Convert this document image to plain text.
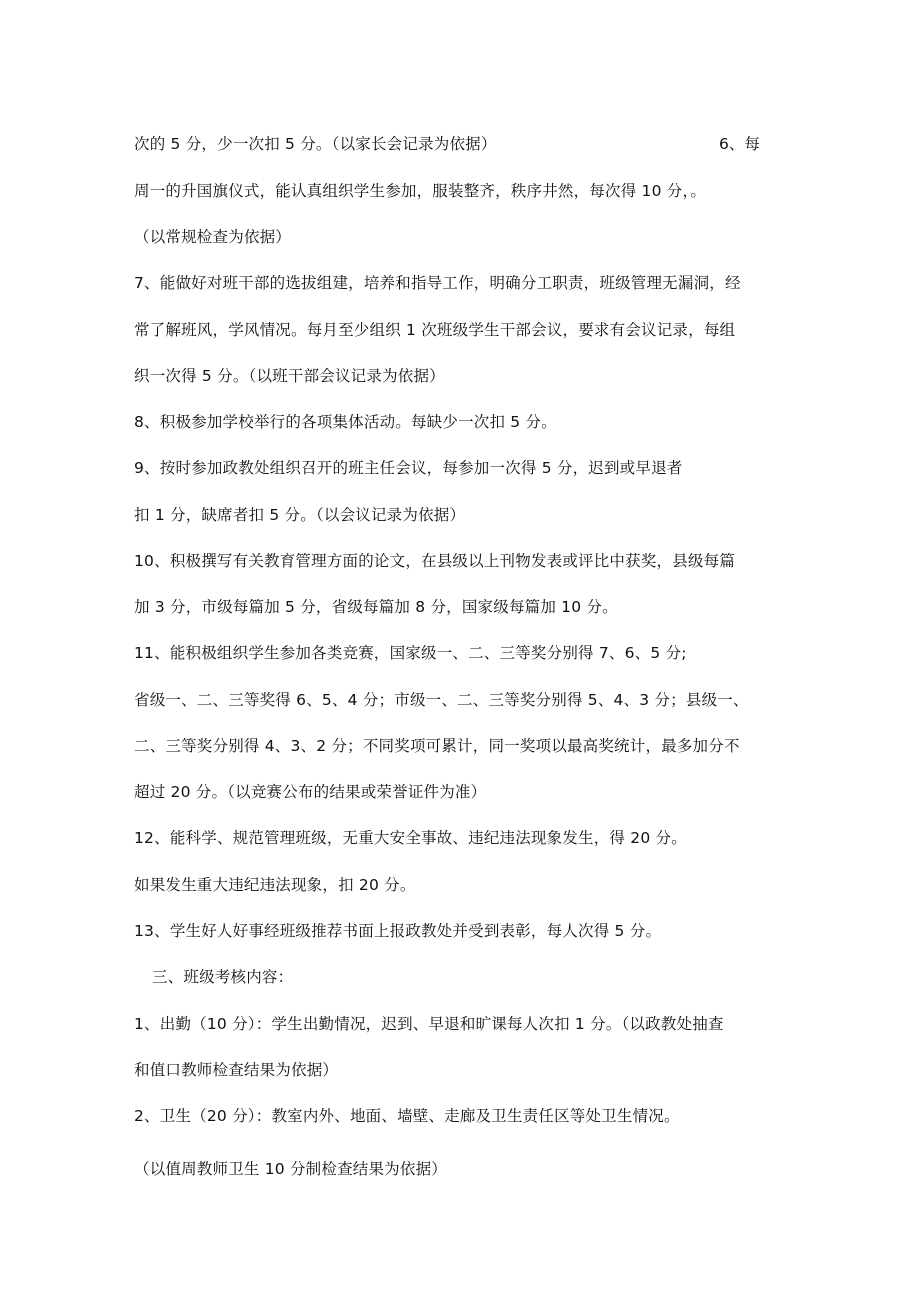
次的 5 分，少一次扣 5 分。（以家长会记录为依据）	6、每
周一的升国旗仪式，能认真组织学生参加，服装整齐，秩序井然，每次得 10 分，。
（以常规检查为依据）
7、能做好对班干部的选拔组建，培养和指导工作，明确分工职责，班级管理无漏洞，经
常了解班风，学风情况。每月至少组织 1 次班级学生干部会议，要求有会议记录，每组
织一次得 5 分。（以班干部会议记录为依据）
8、积极参加学校举行的各项集体活动。每缺少一次扣 5 分。
9、按时参加政教处组织召开的班主任会议，每参加一次得 5 分，迟到或早退者
扣 1 分，缺席者扣 5 分。（以会议记录为依据）
10、积极撰写有关教育管理方面的论文，在县级以上刊物发表或评比中获奖，县级每篇
加 3 分，市级每篇加 5 分，省级每篇加 8 分，国家级每篇加 10 分。
11、能积极组织学生参加各类竞赛，国家级一、二、三等奖分别得 7、6、5 分;
省级一、二、三等奖得 6、5、4 分；市级一、二、三等奖分别得 5、4、3 分；县级一、
二、三等奖分别得 4、3、2 分；不同奖项可累计，同一奖项以最高奖统计，最多加分不
超过 20 分。（以竞赛公布的结果或荣誉证件为准）
12、能科学、规范管理班级，无重大安全事故、违纪违法现象发生，得 20 分。
如果发生重大违纪违法现象，扣 20 分。
13、学生好人好事经班级推荐书面上报政教处并受到表彰，每人次得 5 分。
三、班级考核内容：
1、出勤（10 分）：学生出勤情况，迟到、早退和旷课每人次扣 1 分。（以政教处抽查
和值口教师检查结果为依据）
2、卫生（20 分）：教室内外、地面、墙壁、走廊及卫生责任区等处卫生情况。
（以值周教师卫生 10 分制检查结果为依据）
